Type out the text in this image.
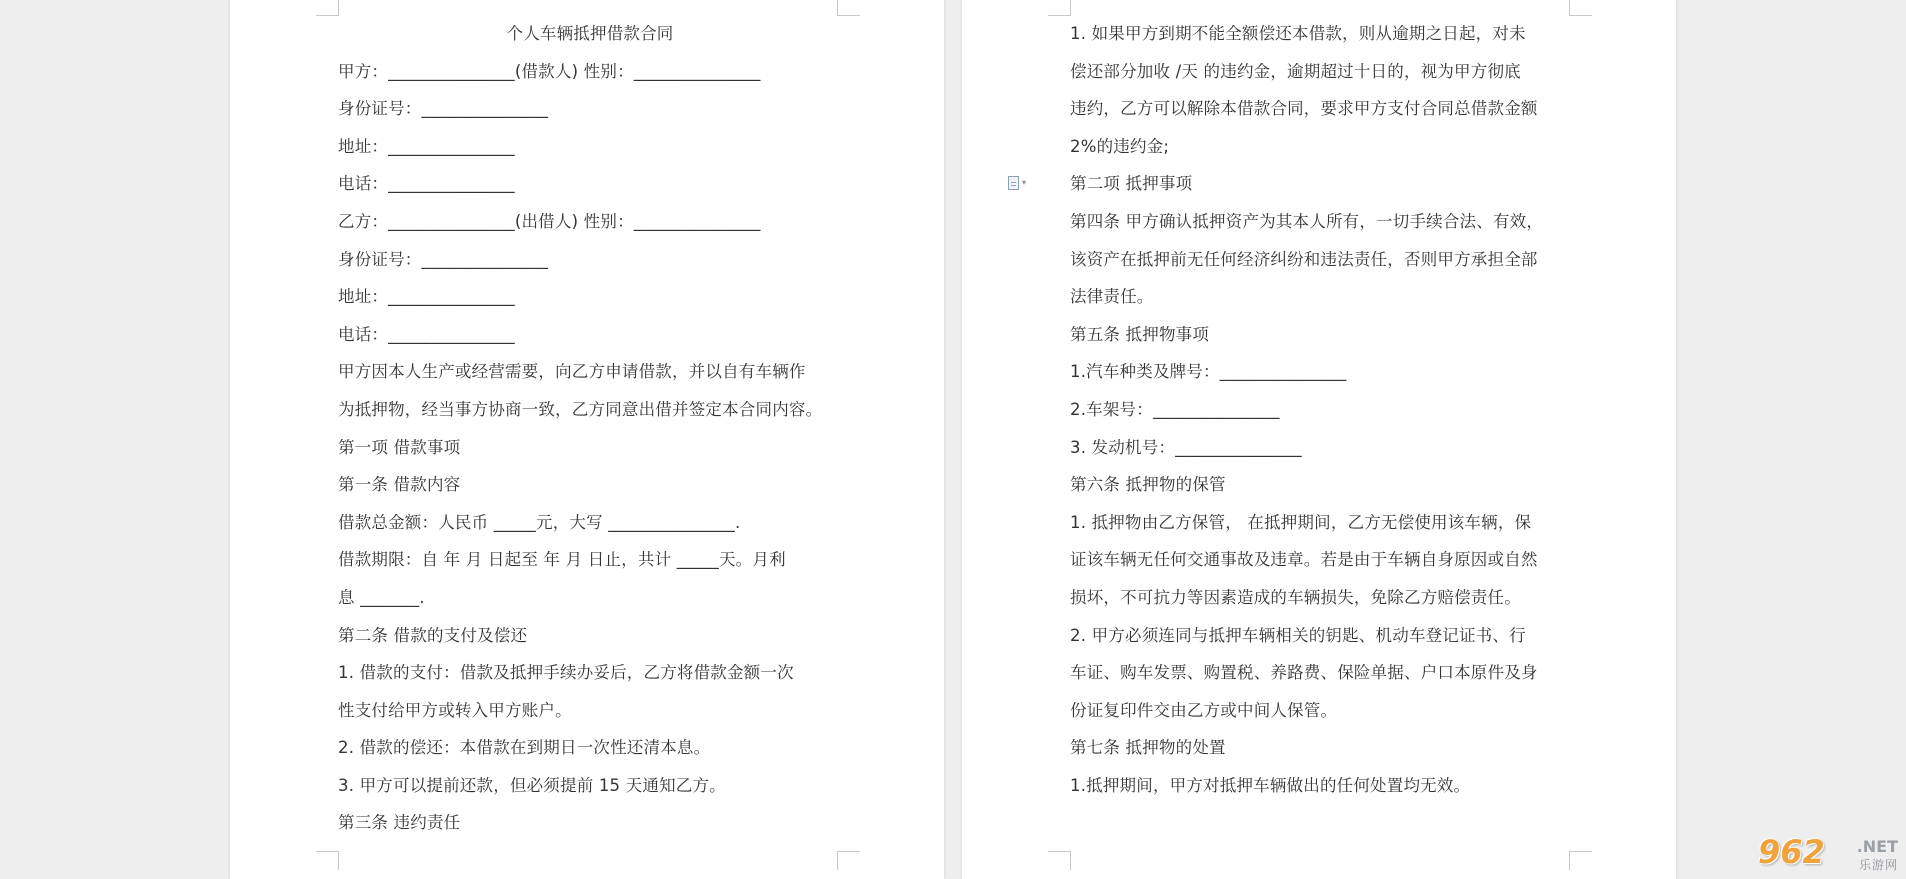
个人车辆抵押借款合同
甲方：_______________(借款人) 性别：_______________
身份证号：_______________
地址：_______________
电话：_______________
乙方：_______________(出借人) 性别：_______________
身份证号：_______________
地址：_______________
电话：_______________
甲方因本人生产或经营需要，向乙方申请借款，并以自有车辆作
为抵押物，经当事方协商一致，乙方同意出借并签定本合同内容。
第一项 借款事项
第一条 借款内容
借款总金额：人民币 _____元，大写 _______________.
借款期限：自 年 月 日起至 年 月 日止，共计 _____天。月利
息 _______.
第二条 借款的支付及偿还
1. 借款的支付：借款及抵押手续办妥后，乙方将借款金额一次
性支付给甲方或转入甲方账户。
2. 借款的偿还：本借款在到期日一次性还清本息。
3. 甲方可以提前还款，但必须提前 15 天通知乙方。
第三条 违约责任
▾
1. 如果甲方到期不能全额偿还本借款，则从逾期之日起，对未
偿还部分加收 /天 的违约金，逾期超过十日的，视为甲方彻底
违约，乙方可以解除本借款合同，要求甲方支付合同总借款金额
2%的违约金;
第二项 抵押事项
第四条 甲方确认抵押资产为其本人所有，一切手续合法、有效，
该资产在抵押前无任何经济纠纷和违法责任，否则甲方承担全部
法律责任。
第五条 抵押物事项
1.汽车种类及牌号：_______________
2.车架号：_______________
3. 发动机号：_______________
第六条 抵押物的保管
1. 抵押物由乙方保管， 在抵押期间，乙方无偿使用该车辆，保
证该车辆无任何交通事故及违章。若是由于车辆自身原因或自然
损坏，不可抗力等因素造成的车辆损失，免除乙方赔偿责任。
2. 甲方必须连同与抵押车辆相关的钥匙、机动车登记证书、行
车证、购车发票、购置税、养路费、保险单据、户口本原件及身
份证复印件交由乙方或中间人保管。
第七条 抵押物的处置
1.抵押期间，甲方对抵押车辆做出的任何处置均无效。
962 .NET
乐游网
